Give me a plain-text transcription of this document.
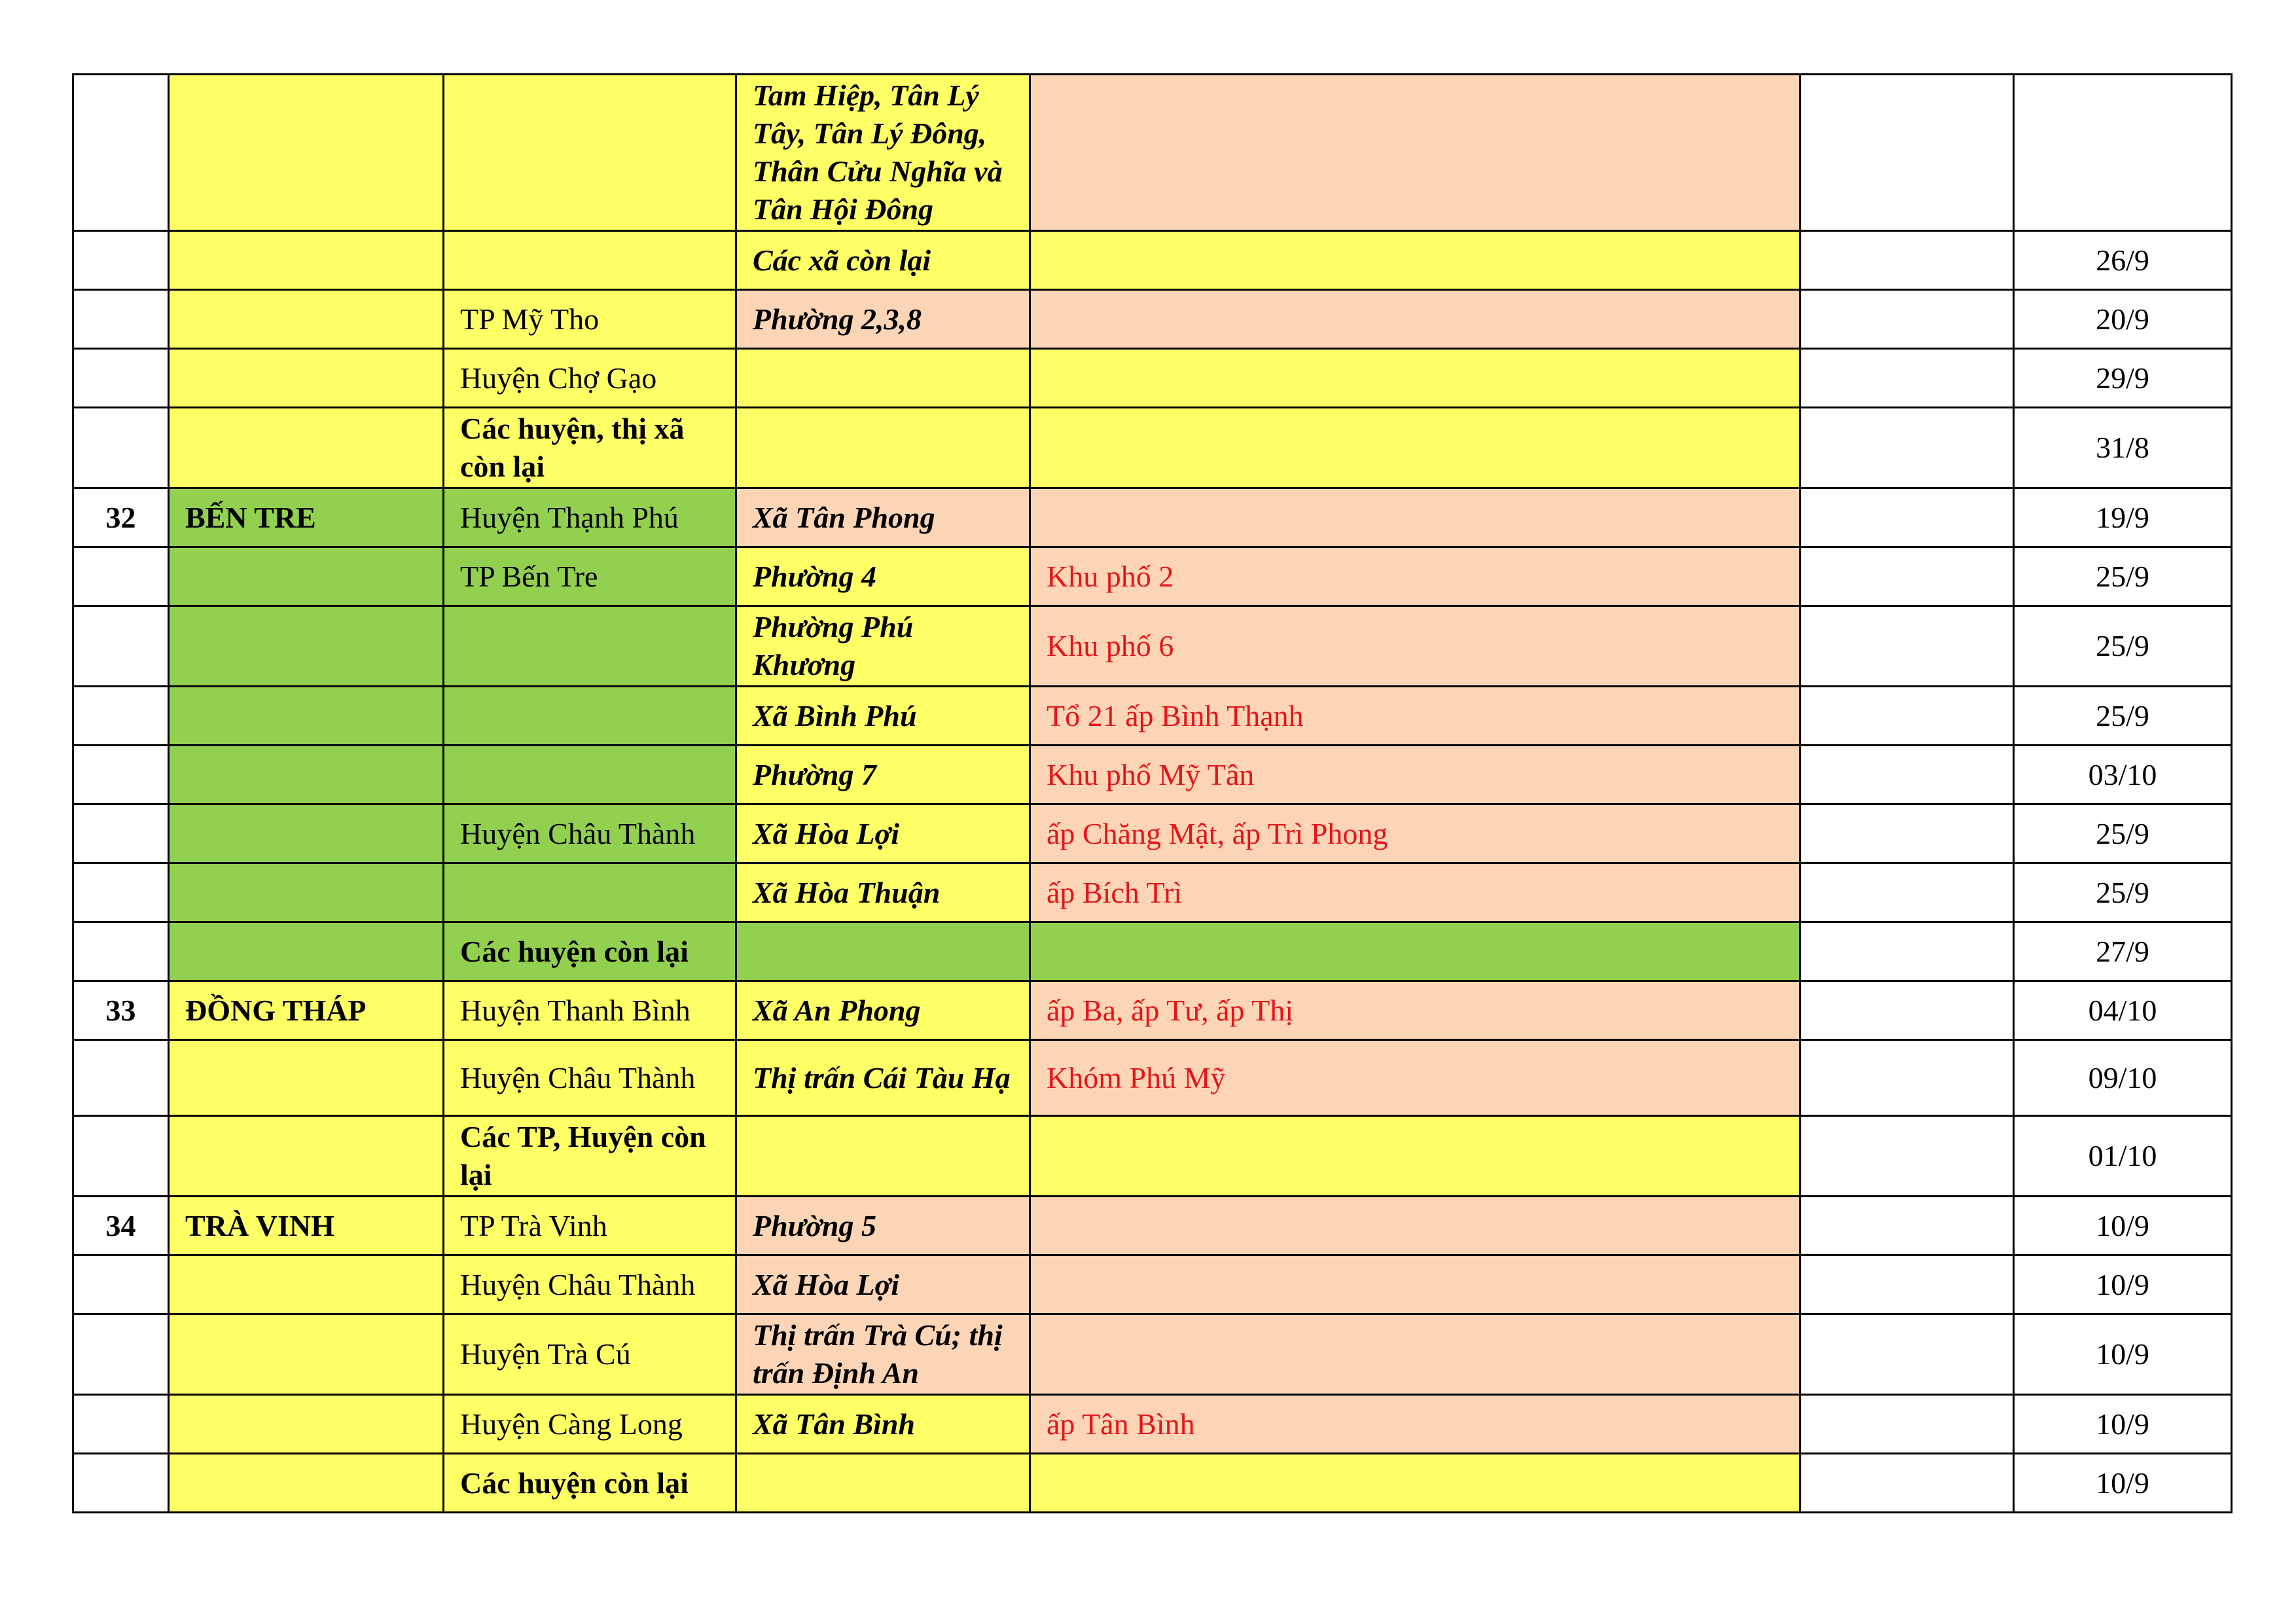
			Tam Hiệp, Tân Lý Tây, Tân Lý Đông, Thân Cửu Nghĩa và Tân Hội Đông			
			Các xã còn lại			26/9
		TP Mỹ Tho	Phường 2,3,8			20/9
		Huyện Chợ Gạo				29/9
		Các huyện, thị xã còn lại				31/8
32	BẾN TRE	Huyện Thạnh Phú	Xã Tân Phong			19/9
		TP Bến Tre	Phường 4	Khu phố 2		25/9
			Phường Phú Khương	Khu phố 6		25/9
			Xã Bình Phú	Tổ 21 ấp Bình Thạnh		25/9
			Phường 7	Khu phố Mỹ Tân		03/10
		Huyện Châu Thành	Xã Hòa Lợi	ấp Chăng Mật, ấp Trì Phong		25/9
			Xã Hòa Thuận	ấp Bích Trì		25/9
		Các huyện còn lại				27/9
33	ĐỒNG THÁP	Huyện Thanh Bình	Xã An Phong	ấp Ba, ấp Tư, ấp Thị		04/10
		Huyện Châu Thành	Thị trấn Cái Tàu Hạ	Khóm Phú Mỹ		09/10
		Các TP, Huyện còn lại				01/10
34	TRÀ VINH	TP Trà Vinh	Phường 5			10/9
		Huyện Châu Thành	Xã Hòa Lợi			10/9
		Huyện Trà Cú	Thị trấn Trà Cú; thị trấn Định An			10/9
		Huyện Càng Long	Xã Tân Bình	ấp Tân Bình		10/9
		Các huyện còn lại				10/9
